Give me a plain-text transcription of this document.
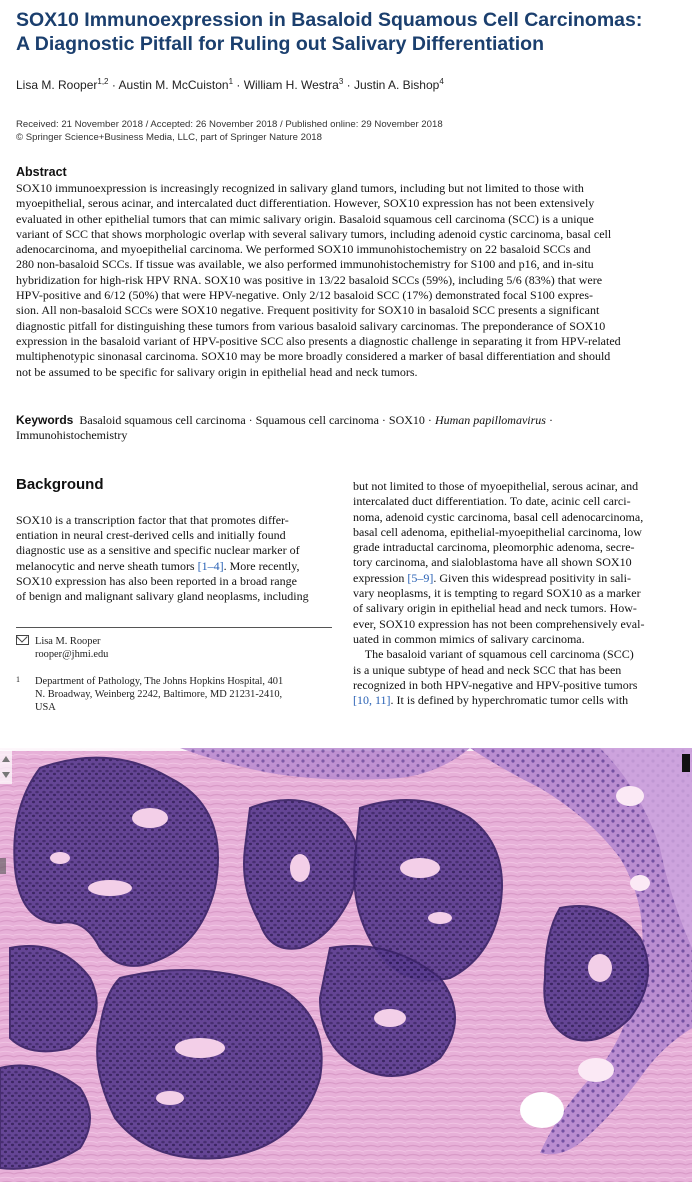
SOX10 Immunoexpression in Basaloid Squamous Cell Carcinomas:
A Diagnostic Pitfall for Ruling out Salivary Differentiation
Lisa M. Rooper$^{1,2}$ · Austin M. McCuiston$^1$ · William H. Westra$^3$ · Justin A. Bishop$^4$
Received: 21 November 2018 / Accepted: 26 November 2018 / Published online: 29 November 2018
© Springer Science+Business Media, LLC, part of Springer Nature 2018
Abstract
SOX10 immunoexpression is increasingly recognized in salivary gland tumors, including but not limited to those with
myoepithelial, serous acinar, and intercalated duct differentiation. However, SOX10 expression has not been extensively
evaluated in other epithelial tumors that can mimic salivary origin. Basaloid squamous cell carcinoma (SCC) is a unique
variant of SCC that shows morphologic overlap with several salivary tumors, including adenoid cystic carcinoma, basal cell
adenocarcinoma, and myoepithelial carcinoma. We performed SOX10 immunohistochemistry on 22 basaloid SCCs and
280 non-basaloid SCCs. If tissue was available, we also performed immunohistochemistry for S100 and p16, and in-situ
hybridization for high-risk HPV RNA. SOX10 was positive in 13/22 basaloid SCCs (59%), including 5/6 (83%) that were
HPV-positive and 6/12 (50%) that were HPV-negative. Only 2/12 basaloid SCC (17%) demonstrated focal S100 expres-
sion. All non-basaloid SCCs were SOX10 negative. Frequent positivity for SOX10 in basaloid SCC presents a significant
diagnostic pitfall for distinguishing these tumors from various basaloid salivary carcinomas. The preponderance of SOX10
expression in the basaloid variant of HPV-positive SCC also presents a diagnostic challenge in separating it from HPV-related
multiphenotypic sinonasal carcinoma. SOX10 may be more broadly considered a marker of basal differentiation and should
not be assumed to be specific for salivary origin in epithelial head and neck tumors.
Keywords Basaloid squamous cell carcinoma · Squamous cell carcinoma · SOX10 · Human papillomavirus ·
Immunohistochemistry
Background
SOX10 is a transcription factor that that promotes differ-
entiation in neural crest-derived cells and initially found
diagnostic use as a sensitive and specific nuclear marker of
melanocytic and nerve sheath tumors [1–4]. More recently,
SOX10 expression has also been reported in a broad range
of benign and malignant salivary gland neoplasms, including
but not limited to those of myoepithelial, serous acinar, and
intercalated duct differentiation. To date, acinic cell carci-
noma, adenoid cystic carcinoma, basal cell adenocarcinoma,
basal cell adenoma, epithelial-myoepithelial carcinoma, low
grade intraductal carcinoma, pleomorphic adenoma, secre-
tory carcinoma, and sialoblastoma have all shown SOX10
expression [5–9]. Given this widespread positivity in sali-
vary neoplasms, it is tempting to regard SOX10 as a marker
of salivary origin in epithelial head and neck tumors. How-
ever, SOX10 expression has not been comprehensively eval-
uated in common mimics of salivary carcinoma.
The basaloid variant of squamous cell carcinoma (SCC)
is a unique subtype of head and neck SCC that has been
recognized in both HPV-negative and HPV-positive tumors
[10, 11]. It is defined by hyperchromatic tumor cells with
Lisa M. Rooper
rooper@jhmi.edu
1 Department of Pathology, The Johns Hopkins Hospital, 401
N. Broadway, Weinberg 2242, Baltimore, MD 21231-2410,
USA
